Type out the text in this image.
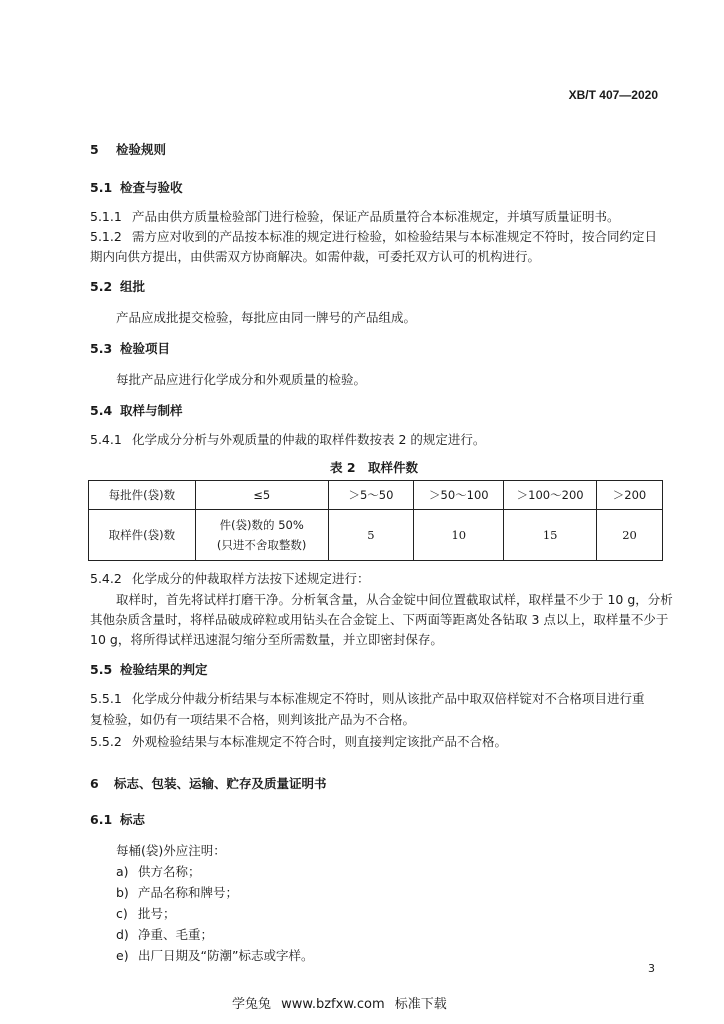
XB/T 407—2020
5 检验规则
5.1 检查与验收
5.1.1 产品由供方质量检验部门进行检验，保证产品质量符合本标准规定，并填写质量证明书。
5.1.2 需方应对收到的产品按本标准的规定进行检验，如检验结果与本标准规定不符时，按合同约定日
期内向供方提出，由供需双方协商解决。如需仲裁，可委托双方认可的机构进行。
5.2 组批
产品应成批提交检验，每批应由同一牌号的产品组成。
5.3 检验项目
每批产品应进行化学成分和外观质量的检验。
5.4 取样与制样
5.4.1 化学成分分析与外观质量的仲裁的取样件数按表 2 的规定进行。
表 2　取样件数
每批件(袋)数	≤5	＞5～50	＞50～100	＞100～200	＞200
取样件(袋)数	件(袋)数的 50%
(只进不舍取整数)	5	10	15	20
5.4.2 化学成分的仲裁取样方法按下述规定进行：
取样时，首先将试样打磨干净。分析氧含量，从合金锭中间位置截取试样，取样量不少于 10 g，分析
其他杂质含量时，将样品破成碎粒或用钻头在合金锭上、下两面等距离处各钻取 3 点以上，取样量不少于
10 g，将所得试样迅速混匀缩分至所需数量，并立即密封保存。
5.5 检验结果的判定
5.5.1 化学成分仲裁分析结果与本标准规定不符时，则从该批产品中取双倍样锭对不合格项目进行重
复检验，如仍有一项结果不合格，则判该批产品为不合格。
5.5.2 外观检验结果与本标准规定不符合时，则直接判定该批产品不合格。
6 标志、包装、运输、贮存及质量证明书
6.1 标志
每桶(袋)外应注明：
a) 供方名称；
b) 产品名称和牌号；
c) 批号；
d) 净重、毛重；
e) 出厂日期及“防潮”标志或字样。
3
学兔兔 www.bzfxw.com 标准下载
